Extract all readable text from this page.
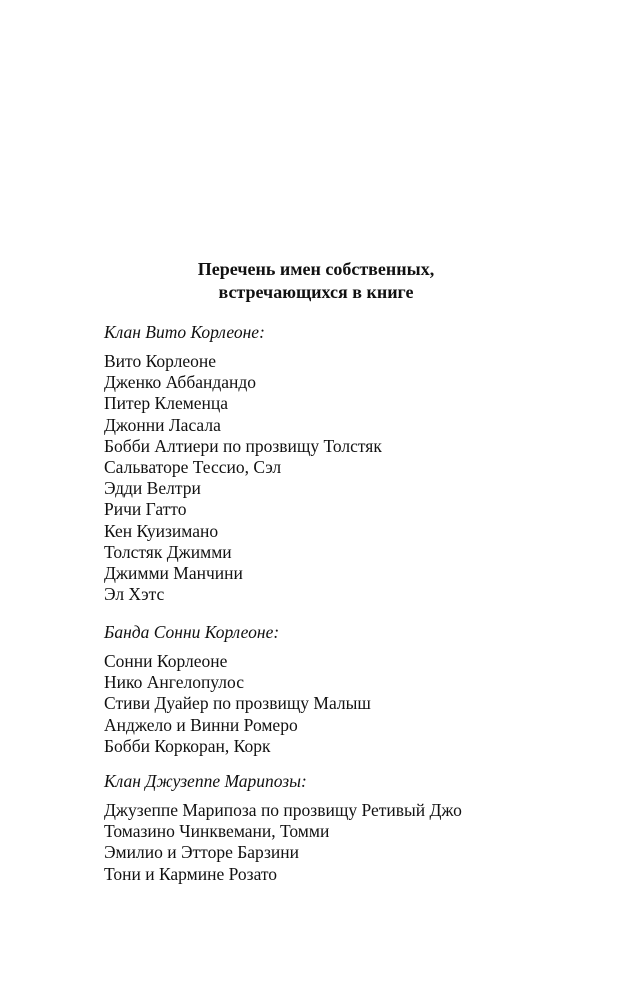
Перечень имен собственных,
встречающихся в книге

Клан Вито Корлеоне:

Вито Корлеоне
Дженко Аббандандо
Питер Клеменца
Джонни Ласала
Бобби Алтиери по прозвищу Толстяк
Сальваторе Тессио, Сэл
Эдди Велтри
Ричи Гатто
Кен Куизимано
Толстяк Джимми
Джимми Манчини
Эл Хэтс

Банда Сонни Корлеоне:

Сонни Корлеоне
Нико Ангелопулос
Стиви Дуайер по прозвищу Малыш
Анджело и Винни Ромеро
Бобби Коркоран, Корк

Клан Джузеппе Марипозы:

Джузеппе Марипоза по прозвищу Ретивый Джо
Томазино Чинквемани, Томми
Эмилио и Этторе Барзини
Тони и Кармине Розато
